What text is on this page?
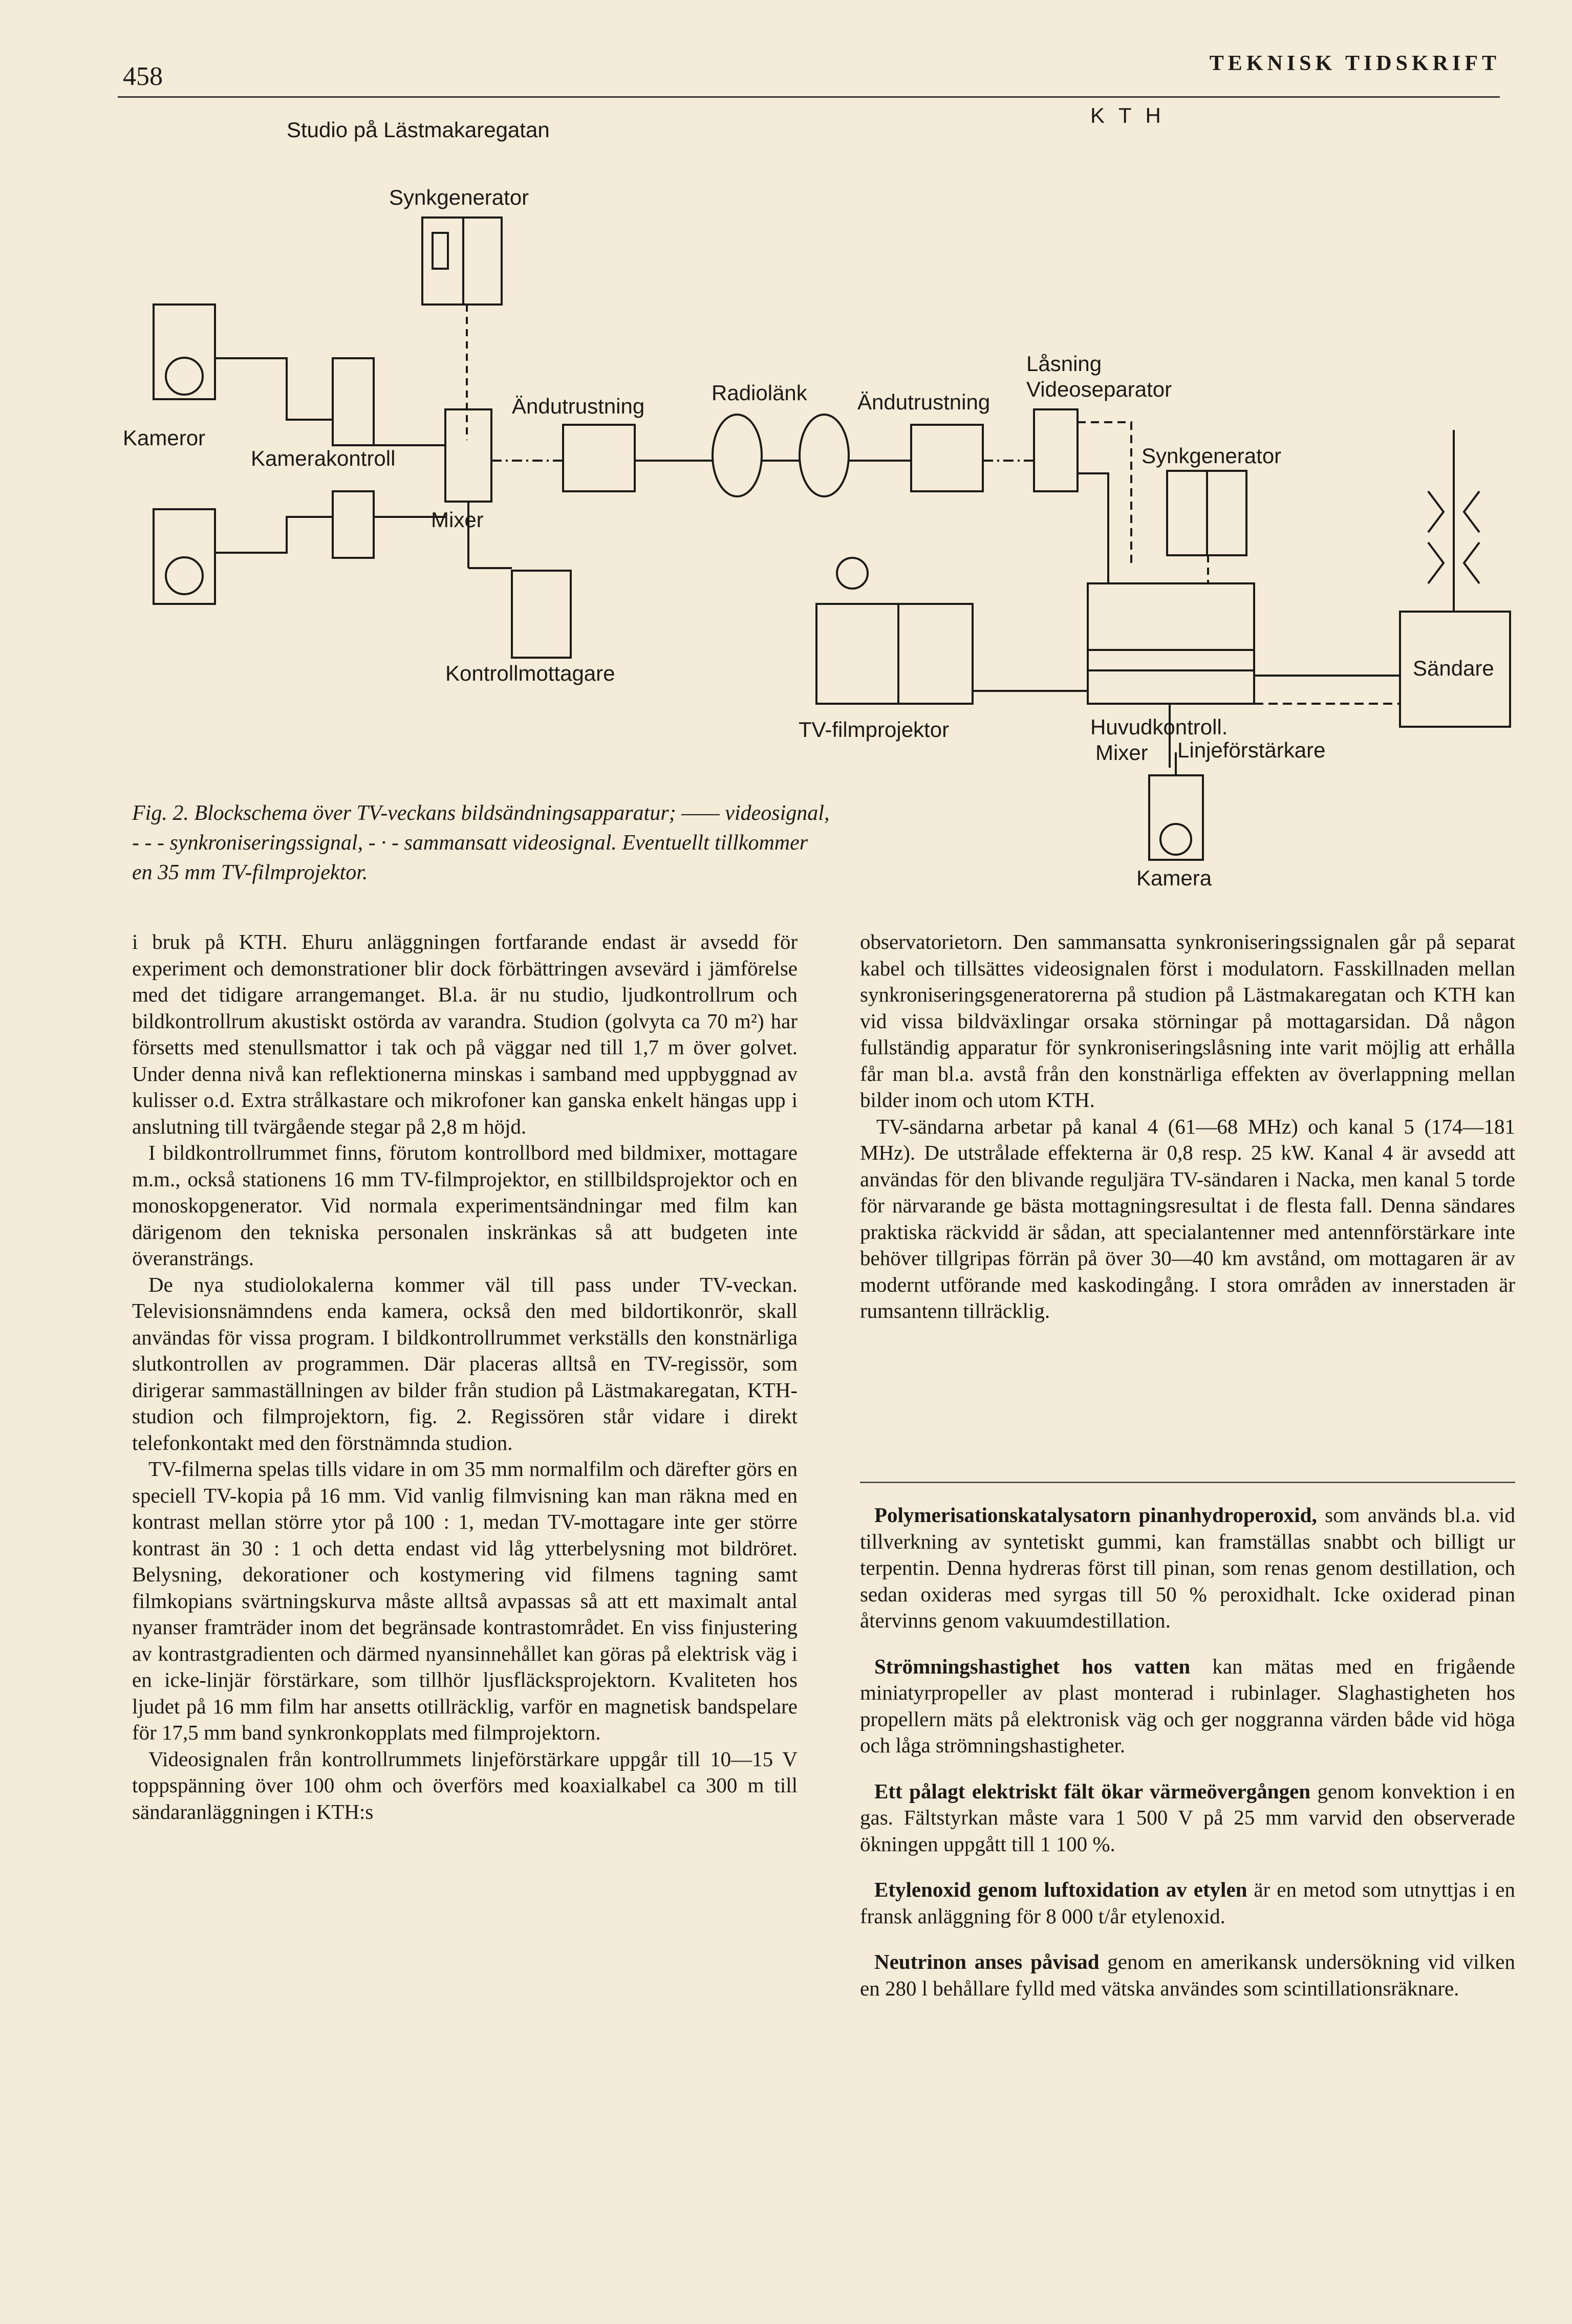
458	TEKNISK TIDSKRIFT
Studio på Lästmakaregatan
K T H
Synkgenerator
Kameror
Kamerakontroll
Mixer
Ändutrustning
Radiolänk Ändutrustning
Låsning
Videoseparator
Synkgenerator
Kontrollmottagare
TV-filmprojektor	Huvudkontroll.
Mixer Linjeförstärkare
Sändare
Kamera
Fig. 2. Blockschema över TV-veckans bildsändningsapparatur; —— videosignal,
- - - synkroniseringssignal, - · - sammansatt videosignal. Eventuellt tillkommer
en 35 mm TV-filmprojektor.

i bruk på KTH. Ehuru anläggningen fortfarande endast är avsedd för experiment och demonstrationer blir dock förbättringen avsevärd i jämförelse med det tidigare arrangemanget. Bl.a. är nu studio, ljudkontrollrum och bildkontrollrum akustiskt ostörda av varandra. Studion (golvyta ca 70 m²) har försetts med stenullsmattor i tak och på väggar ned till 1,7 m över golvet. Under denna nivå kan reflektionerna minskas i samband med uppbyggnad av kulisser o.d. Extra strålkastare och mikrofoner kan ganska enkelt hängas upp i anslutning till tvärgående stegar på 2,8 m höjd.

I bildkontrollrummet finns, förutom kontrollbord med bildmixer, mottagare m.m., också stationens 16 mm TV-filmprojektor, en stillbildsprojektor och en monoskopgenerator. Vid normala experimentsändningar med film kan därigenom den tekniska personalen inskränkas så att budgeten inte överansträngs.

De nya studiolokalerna kommer väl till pass under TV-veckan. Televisionsnämndens enda kamera, också den med bildortikonrör, skall användas för vissa program. I bildkontrollrummet verkställs den konstnärliga slutkontrollen av programmen. Där placeras alltså en TV-regissör, som dirigerar sammaställningen av bilder från studion på Lästmakaregatan, KTH-studion och filmprojektorn, fig. 2. Regissören står vidare i direkt telefonkontakt med den förstnämnda studion.

TV-filmerna spelas tills vidare in om 35 mm normalfilm och därefter görs en speciell TV-kopia på 16 mm. Vid vanlig filmvisning kan man räkna med en kontrast mellan större ytor på 100 : 1, medan TV-mottagare inte ger större kontrast än 30 : 1 och detta endast vid låg ytterbelysning mot bildröret. Belysning, dekorationer och kostymering vid filmens tagning samt filmkopians svärtningskurva måste alltså avpassas så att ett maximalt antal nyanser framträder inom det begränsade kontrastområdet. En viss finjustering av kontrastgradienten och därmed nyansinnehållet kan göras på elektrisk väg i en icke-linjär förstärkare, som tillhör ljusfläcksprojektorn. Kvaliteten hos ljudet på 16 mm film har ansetts otillräcklig, varför en magnetisk bandspelare för 17,5 mm band synkronkopplats med filmprojektorn.

Videosignalen från kontrollrummets linjeförstärkare uppgår till 10—15 V toppspänning över 100 ohm och överförs med koaxialkabel ca 300 m till sändaranläggningen i KTH:s

observatorietorn. Den sammansatta synkroniseringssignalen går på separat kabel och tillsättes videosignalen först i modulatorn. Fasskillnaden mellan synkroniseringsgeneratorerna på studion på Lästmakaregatan och KTH kan vid vissa bildväxlingar orsaka störningar på mottagarsidan. Då någon fullständig apparatur för synkroniseringslåsning inte varit möjlig att erhålla får man bl.a. avstå från den konstnärliga effekten av överlappning mellan bilder inom och utom KTH.

TV-sändarna arbetar på kanal 4 (61—68 MHz) och kanal 5 (174—181 MHz). De utstrålade effekterna är 0,8 resp. 25 kW. Kanal 4 är avsedd att användas för den blivande reguljära TV-sändaren i Nacka, men kanal 5 torde för närvarande ge bästa mottagningsresultat i de flesta fall. Denna sändares praktiska räckvidd är sådan, att specialantenner med antennförstärkare inte behöver tillgripas förrän på över 30—40 km avstånd, om mottagaren är av modernt utförande med kaskodingång. I stora områden av innerstaden är rumsantenn tillräcklig.

Polymerisationskatalysatorn pinanhydroperoxid, som används bl.a. vid tillverkning av syntetiskt gummi, kan framställas snabbt och billigt ur terpentin. Denna hydreras först till pinan, som renas genom destillation, och sedan oxideras med syrgas till 50 % peroxidhalt. Icke oxiderad pinan återvinns genom vakuumdestillation.

Strömningshastighet hos vatten kan mätas med en frigående miniatyrpropeller av plast monterad i rubinlager. Slaghastigheten hos propellern mäts på elektronisk väg och ger noggranna värden både vid höga och låga strömningshastigheter.

Ett pålagt elektriskt fält ökar värmeövergången genom konvektion i en gas. Fältstyrkan måste vara 1 500 V på 25 mm varvid den observerade ökningen uppgått till 1 100 %.

Etylenoxid genom luftoxidation av etylen är en metod som utnyttjas i en fransk anläggning för 8 000 t/år etylenoxid.

Neutrinon anses påvisad genom en amerikansk undersökning vid vilken en 280 l behållare fylld med vätska användes som scintillationsräknare.
